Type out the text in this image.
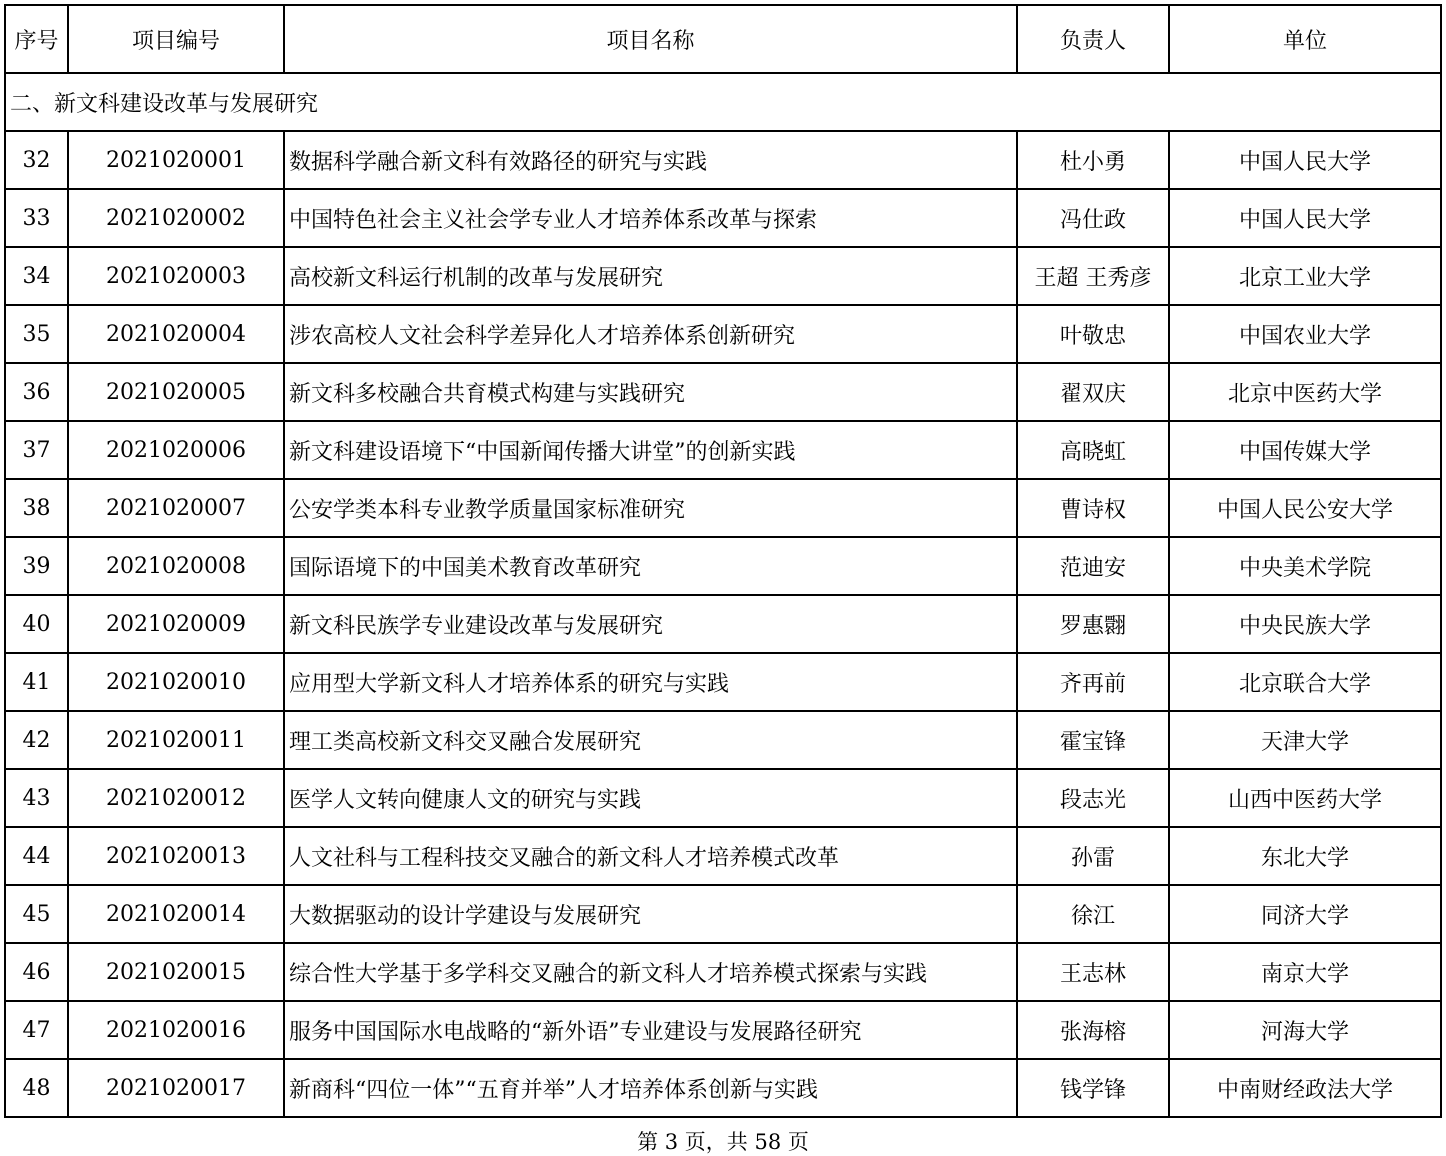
序号	项目编号	项目名称	负责人	单位
二、新文科建设改革与发展研究				
32	2021020001	数据科学融合新文科有效路径的研究与实践	杜小勇	中国人民大学
33	2021020002	中国特色社会主义社会学专业人才培养体系改革与探索	冯仕政	中国人民大学
34	2021020003	高校新文科运行机制的改革与发展研究	王超 王秀彦	北京工业大学
35	2021020004	涉农高校人文社会科学差异化人才培养体系创新研究	叶敬忠	中国农业大学
36	2021020005	新文科多校融合共育模式构建与实践研究	翟双庆	北京中医药大学
37	2021020006	新文科建设语境下“中国新闻传播大讲堂”的创新实践	高晓虹	中国传媒大学
38	2021020007	公安学类本科专业教学质量国家标准研究	曹诗权	中国人民公安大学
39	2021020008	国际语境下的中国美术教育改革研究	范迪安	中央美术学院
40	2021020009	新文科民族学专业建设改革与发展研究	罗惠翾	中央民族大学
41	2021020010	应用型大学新文科人才培养体系的研究与实践	齐再前	北京联合大学
42	2021020011	理工类高校新文科交叉融合发展研究	霍宝锋	天津大学
43	2021020012	医学人文转向健康人文的研究与实践	段志光	山西中医药大学
44	2021020013	人文社科与工程科技交叉融合的新文科人才培养模式改革	孙雷	东北大学
45	2021020014	大数据驱动的设计学建设与发展研究	徐江	同济大学
46	2021020015	综合性大学基于多学科交叉融合的新文科人才培养模式探索与实践	王志林	南京大学
47	2021020016	服务中国国际水电战略的“新外语”专业建设与发展路径研究	张海榕	河海大学
48	2021020017	新商科“四位一体”“五育并举”人才培养体系创新与实践	钱学锋	中南财经政法大学
第 3 页，共 58 页
